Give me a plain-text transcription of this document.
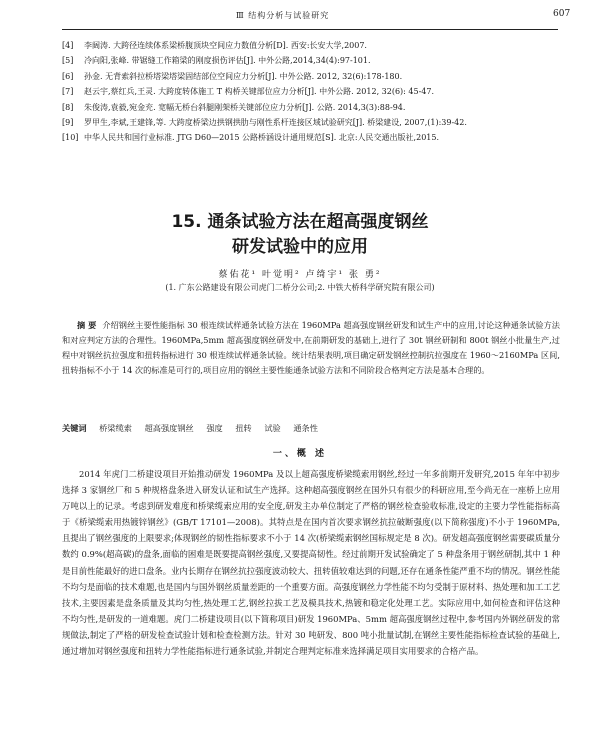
Ⅲ 结构分析与试验研究	607
[4] 李阔涛. 大跨径连续体系梁桥腹顶块空间应力数值分析[D]. 西安:长安大学,2007.
[5] 冷向阳,张峰. 带锯缝工作箱梁的刚度损伤评估[J]. 中外公路,2014,34(4):97-101.
[6] 孙金. 无背索斜拉桥塔梁塔梁固结部位空间应力分析[J]. 中外公路. 2012, 32(6):178-180.
[7] 赵云宇,蔡红兵,王灵. 大跨度转体施工 T 构桥关键部位应力分析[J]. 中外公路. 2012, 32(6): 45-47.
[8] 朱俊涛,袁毅,宛金充. 宽幅无桥台斜腿刚架桥关键部位应力分析[J]. 公路. 2014,3(3):88-94.
[9] 罗甲生,李斌,王建锋,等. 大跨度桥梁边拱钢拱肋与刚性系杆连接区域试验研究[J]. 桥梁建设, 2007,(1):39-42.
[10] 中华人民共和国行业标准. JTG D60—2015 公路桥涵设计通用规范[S]. 北京:人民交通出版社,2015.
15. 通条试验方法在超高强度钢丝
研发试验中的应用
蔡佑花¹ 叶觉明² 卢绮宇¹ 张 勇²
(1. 广东公路建设有限公司虎门二桥分公司;2. 中铁大桥科学研究院有限公司)
摘 要 介绍钢丝主要性能指标 30 根连续试样通条试验方法在 1960MPa 超高强度钢丝研发和试生产中的应用,讨论这种通条试验方法和对应判定方法的合理性。1960MPa,5mm 超高强度钢丝研发中,在前期研发的基础上,进行了 30t 钢丝研制和 800t 钢丝小批量生产,过程中对钢丝抗拉强度和扭转指标进行 30 根连续试样通条试验。统计结果表明,项目确定研发钢丝控制抗拉强度在 1960～2160MPa 区间,扭转指标不小于 14 次的标准是可行的,项目应用的钢丝主要性能通条试验方法和不同阶段合格判定方法是基本合理的。
关键词 桥梁缆索 超高强度钢丝 强度 扭转 试验 通条性
一、概 述
2014 年虎门二桥建设项目开始推动研发 1960MPa 及以上超高强度桥梁缆索用钢丝,经过一年多前期开发研究,2015 年年中初步选择 3 家钢丝厂和 5 种规格盘条进入研发认证和试生产选择。这种超高强度钢丝在国外只有很少的科研应用,至今尚无在一座桥上应用万吨以上的记录。考虑到研发难度和桥梁缆索应用的安全度,研发主办单位制定了严格的钢丝检查验收标准,设定的主要力学性能指标高于《桥梁缆索用热镀锌钢丝》(GB/T 17101—2008)。其特点是在国内首次要求钢丝抗拉破断强度(以下简称强度)不小于 1960MPa,且提出了钢丝强度的上限要求;体现钢丝的韧性指标要求不小于 14 次(桥梁缆索钢丝国标规定是 8 次)。研发超高强度钢丝需要碳质量分数约 0.9%(超高碳)的盘条,面临的困难是既要提高钢丝强度,又要提高韧性。经过前期开发试验确定了 5 种盘条用于钢丝研制,其中 1 种是目前性能最好的进口盘条。业内长期存在钢丝抗拉强度波动较大、扭转值较难达到的问题,还存在通条性能严重不均的情况。钢丝性能不均匀是面临的技术难题,也是国内与国外钢丝质量差距的一个重要方面。高强度钢丝力学性能不均匀受制于原材料、热处理和加工工艺技术,主要因素是盘条质量及其均匀性,热处理工艺,钢丝拉拔工艺及模具技术,热镀和稳定化处理工艺。实际应用中,如何检查和评估这种不均匀性,是研发的一道难题。虎门二桥建设项目(以下简称项目)研发 1960MPa、5mm 超高强度钢丝过程中,参考国内外钢丝研发的常规做法,制定了严格的研发检查试验计划和检查检测方法。针对 30 吨研发、800 吨小批量试制,在钢丝主要性能指标检查试验的基础上,通过增加对钢丝强度和扭转力学性能指标进行通条试验,并制定合理判定标准来选择满足项目实用要求的合格产品。
